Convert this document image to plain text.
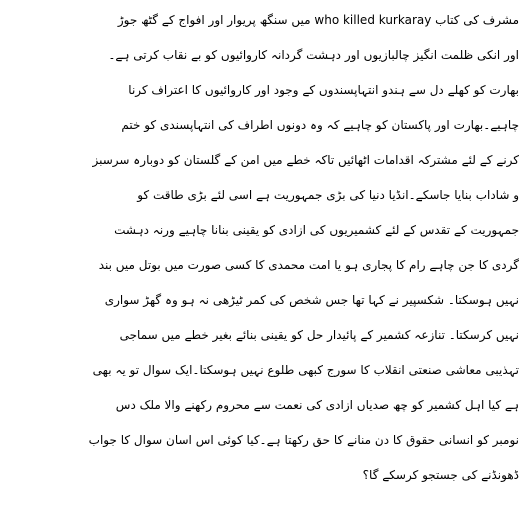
مشرف کی کتاب who killed kurkaray میں سنگھ پریوار اور افواج کے گٹھ جوڑ
اور انکی ظلمت انگیز چالبازیوں اور دہشت گردانہ کاروائیوں کو بے نقاب کرتی ہے۔
بھارت کو کھلے دل سے ہندو انتہاپسندوں کے وجود اور کاروائیوں کا اعتراف کرنا
چاہیے۔بھارت اور پاکستان کو چاہیے کہ وہ دونوں اطراف کی انتہاپسندی کو ختم
کرنے کے لئے مشترکہ اقدامات اٹھائیں تاکہ خطے میں امن کے گلستان کو دوبارہ سرسبز
و شاداب بنایا جاسکے۔انڈیا دنیا کی بڑی جمہوریت ہے اسی لئے بڑی طاقت کو
جمہوریت کے تقدس کے لئے کشمیریوں کی ازادی کو یقینی بنانا چاہیے ورنہ دہشت
گردی کا جن چاہے رام کا پجاری ہو یا امت محمدی کا کسی صورت میں بوتل میں بند
نہیں ہوسکتا۔ شکسپیر نے کہا تھا جس شخص کی کمر ٹیڑھی نہ ہو وہ گھڑ سواری
نہیں کرسکتا۔ تنازعہ کشمیر کے پائیدار حل کو یقینی بنائے بغیر خطے میں سماجی
تہذیبی معاشی صنعتی انقلاب کا سورج کبھی طلوع نہیں ہوسکتا۔ایک سوال تو یہ بھی
ہے کیا اہل کشمیر کو چھ صدیاں ازادی کی نعمت سے محروم رکھنے والا ملک دس
نومبر کو انسانی حقوق کا دن منانے کا حق رکھتا ہے۔کیا کوئی اس اسان سوال کا جواب
ڈھونڈنے کی جستجو کرسکے گا؟
